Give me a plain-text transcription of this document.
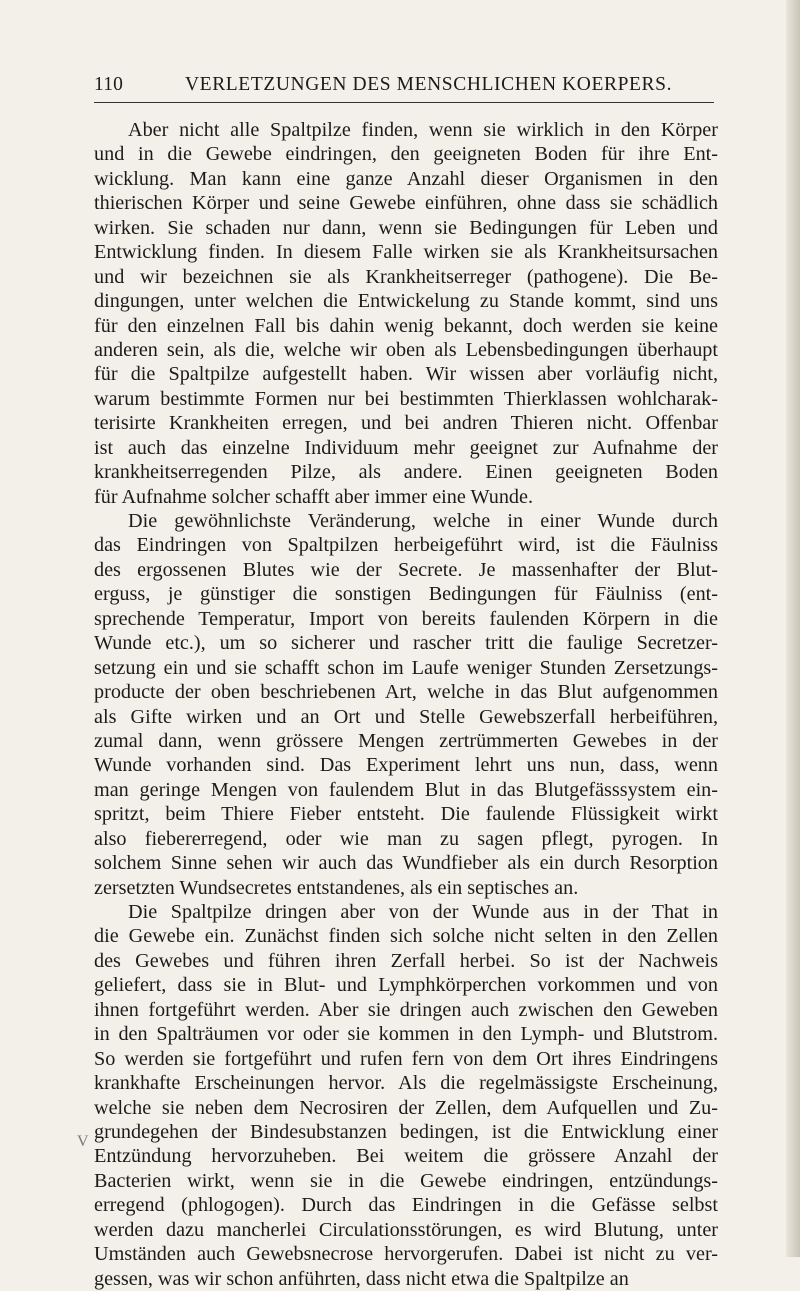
110	VERLETZUNGEN DES MENSCHLICHEN KOERPERS.
Aber nicht alle Spaltpilze finden, wenn sie wirklich in den Körper
und in die Gewebe eindringen, den geeigneten Boden für ihre Ent-
wicklung. Man kann eine ganze Anzahl dieser Organismen in den
thierischen Körper und seine Gewebe einführen, ohne dass sie schädlich
wirken. Sie schaden nur dann, wenn sie Bedingungen für Leben und
Entwicklung finden. In diesem Falle wirken sie als Krankheitsursachen
und wir bezeichnen sie als Krankheitserreger (pathogene). Die Be-
dingungen, unter welchen die Entwickelung zu Stande kommt, sind uns
für den einzelnen Fall bis dahin wenig bekannt, doch werden sie keine
anderen sein, als die, welche wir oben als Lebensbedingungen überhaupt
für die Spaltpilze aufgestellt haben. Wir wissen aber vorläufig nicht,
warum bestimmte Formen nur bei bestimmten Thierklassen wohlcharak-
terisirte Krankheiten erregen, und bei andren Thieren nicht. Offenbar
ist auch das einzelne Individuum mehr geeignet zur Aufnahme der
krankheitserregenden Pilze, als andere. Einen geeigneten Boden
für Aufnahme solcher schafft aber immer eine Wunde.
Die gewöhnlichste Veränderung, welche in einer Wunde durch
das Eindringen von Spaltpilzen herbeigeführt wird, ist die Fäulniss
des ergossenen Blutes wie der Secrete. Je massenhafter der Blut-
erguss, je günstiger die sonstigen Bedingungen für Fäulniss (ent-
sprechende Temperatur, Import von bereits faulenden Körpern in die
Wunde etc.), um so sicherer und rascher tritt die faulige Secretzer-
setzung ein und sie schafft schon im Laufe weniger Stunden Zersetzungs-
producte der oben beschriebenen Art, welche in das Blut aufgenommen
als Gifte wirken und an Ort und Stelle Gewebszerfall herbeiführen,
zumal dann, wenn grössere Mengen zertrümmerten Gewebes in der
Wunde vorhanden sind. Das Experiment lehrt uns nun, dass, wenn
man geringe Mengen von faulendem Blut in das Blutgefässsystem ein-
spritzt, beim Thiere Fieber entsteht. Die faulende Flüssigkeit wirkt
also fiebererregend, oder wie man zu sagen pflegt, pyrogen. In
solchem Sinne sehen wir auch das Wundfieber als ein durch Resorption
zersetzten Wundsecretes entstandenes, als ein septisches an.
Die Spaltpilze dringen aber von der Wunde aus in der That in
die Gewebe ein. Zunächst finden sich solche nicht selten in den Zellen
des Gewebes und führen ihren Zerfall herbei. So ist der Nachweis
geliefert, dass sie in Blut- und Lymphkörperchen vorkommen und von
ihnen fortgeführt werden. Aber sie dringen auch zwischen den Geweben
in den Spalträumen vor oder sie kommen in den Lymph- und Blutstrom.
So werden sie fortgeführt und rufen fern von dem Ort ihres Eindringens
krankhafte Erscheinungen hervor. Als die regelmässigste Erscheinung,
welche sie neben dem Necrosiren der Zellen, dem Aufquellen und Zu-
grundegehen der Bindesubstanzen bedingen, ist die Entwicklung einer
Entzündung hervorzuheben. Bei weitem die grössere Anzahl der
Bacterien wirkt, wenn sie in die Gewebe eindringen, entzündungs-
erregend (phlogogen). Durch das Eindringen in die Gefässe selbst
werden dazu mancherlei Circulationsstörungen, es wird Blutung, unter
Umständen auch Gewebsnecrose hervorgerufen. Dabei ist nicht zu ver-
gessen, was wir schon anführten, dass nicht etwa die Spaltpilze an
V
